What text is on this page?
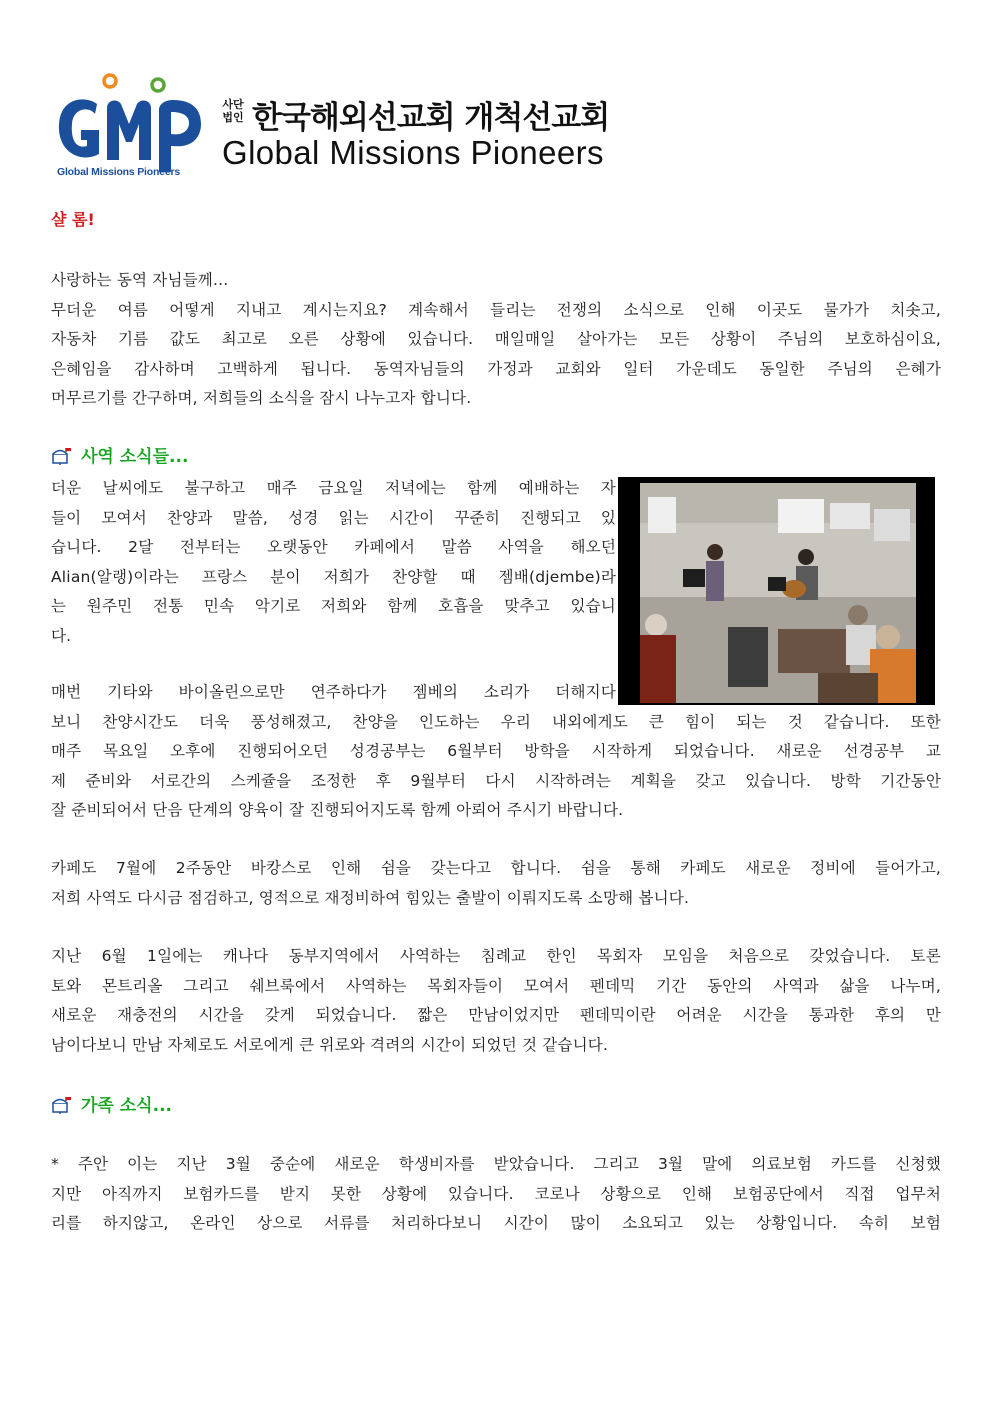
Global Missions Pioneers
사단법인 한국해외선교회 개척선교회
Global Missions Pioneers
샬 롬!
사랑하는 동역 자님들께...
무더운 여름 어떻게 지내고 계시는지요? 계속해서 들리는 전쟁의 소식으로 인해 이곳도 물가가 치솟고,
자동차 기름 값도 최고로 오른 상황에 있습니다. 매일매일 살아가는 모든 상황이 주님의 보호하심이요,
은혜임을 감사하며 고백하게 됩니다. 동역자님들의 가정과 교회와 일터 가운데도 동일한 주님의 은혜가
머무르기를 간구하며, 저희들의 소식을 잠시 나누고자 합니다.
사역 소식들...
더운 날씨에도 불구하고 매주 금요일 저녁에는 함께 예배하는 자
들이 모여서 찬양과 말씀, 성경 읽는 시간이 꾸준히 진행되고 있
습니다. 2달 전부터는 오랫동안 카페에서 말씀 사역을 해오던
Alian(알랭)이라는 프랑스 분이 저희가 찬양할 때 젬배(djembe)라
는 원주민 전통 민속 악기로 저희와 함께 호흡을 맞추고 있습니
다.
매번 기타와 바이올린으로만 연주하다가 젬베의 소리가 더해지다
보니 찬양시간도 더욱 풍성해졌고, 찬양을 인도하는 우리 내외에게도 큰 힘이 되는 것 같습니다. 또한
매주 목요일 오후에 진행되어오던 성경공부는 6월부터 방학을 시작하게 되었습니다. 새로운 선경공부 교
제 준비와 서로간의 스케쥴을 조정한 후 9월부터 다시 시작하려는 계획을 갖고 있습니다. 방학 기간동안
잘 준비되어서 단음 단계의 양육이 잘 진행되어지도록 함께 아뢰어 주시기 바랍니다.
카페도 7월에 2주동안 바캉스로 인해 쉼을 갖는다고 합니다. 쉼을 통해 카페도 새로운 정비에 들어가고,
저희 사역도 다시금 점검하고, 영적으로 재정비하여 힘있는 출발이 이뤄지도록 소망해 봅니다.
지난 6월 1일에는 캐나다 동부지역에서 사역하는 침례교 한인 목회자 모임을 처음으로 갖었습니다. 토론
토와 몬트리올 그리고 쉐브룩에서 사역하는 목회자들이 모여서 펜데믹 기간 동안의 사역과 삶을 나누며,
새로운 재충전의 시간을 갖게 되었습니다. 짧은 만남이었지만 펜데믹이란 어려운 시간을 통과한 후의 만
남이다보니 만남 자체로도 서로에게 큰 위로와 격려의 시간이 되었던 것 같습니다.
가족 소식...
* 주안 이는 지난 3월 중순에 새로운 학생비자를 받았습니다. 그리고 3월 말에 의료보험 카드를 신청했
지만 아직까지 보험카드를 받지 못한 상황에 있습니다. 코로나 상황으로 인해 보험공단에서 직접 업무처
리를 하지않고, 온라인 상으로 서류를 처리하다보니 시간이 많이 소요되고 있는 상황입니다. 속히 보험
